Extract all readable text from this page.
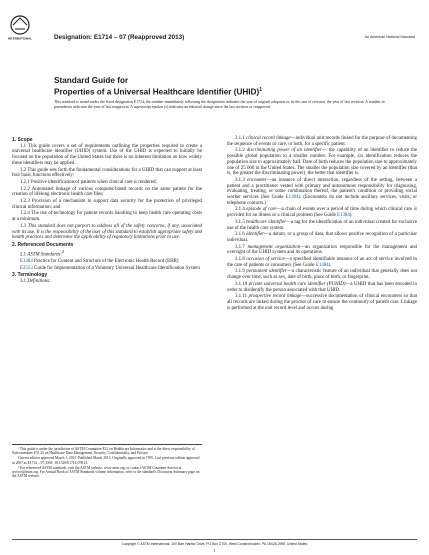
INTERNATIONAL	Designation: E1714 – 07 (Reapproved 2013)	An American National Standard
Standard Guide for
Properties of a Universal Healthcare Identifier (UHID)$^1$
This standard is issued under the fixed designation E1714; the number immediately following the designation indicates the year of original adoption or, in the case of revision, the year of last revision. A number in parentheses indicates the year of last reapproval. A superscript epsilon (ε) indicates an editorial change since the last revision or reapproval.

1. Scope

1.1 This guide covers a set of requirements outlining the properties required to create a universal healthcare identifier (UHID) system. Use of the UHID is expected to initially be focused on the population of the United States but there is no inherent limitation on how widely these identifiers may be applied.

1.2 This guide sets forth the fundamental considerations for a UHID that can support at least four basic functions effectively:

1.2.1 Positive identification of patients when clinical care is rendered;

1.2.2 Automated linkage of various computer-based records on the same patient for the creation of lifelong electronic health care files;

1.2.3 Provision of a mechanism to support data security for the protection of privileged clinical information; and

1.2.4 The use of technology for patient records handling to keep health care operating costs at a minimum.

1.3 This standard does not purport to address all of the safety concerns, if any, associated with its use. It is the responsibility of the user of this standard to establish appropriate safety and health practices and determine the applicability of regulatory limitations prior to use.

2. Referenced Documents

2.1 ASTM Standards:$^2$

E1384 Practice for Content and Structure of the Electronic Health Record (EHR)

E2553 Guide for Implementation of a Voluntary Universal Healthcare Identification System

3. Terminology

3.1 Definitions:

¹ This guide is under the jurisdiction of ASTM Committee E31 on Healthcare Informatics and is the direct responsibility of Subcommittee E31.25 on Healthcare Data Management, Security, Confidentiality, and Privacy.

Current edition approved March 1, 2013. Published March 2013. Originally approved in 1995. Last previous edition approved in 2007 as E1714 – 07. DOI: 10.1520/E1714-07R13.

² For referenced ASTM standards, visit the ASTM website, www.astm.org, or contact ASTM Customer Service at service@astm.org. For Annual Book of ASTM Standards volume information, refer to the standard's Document Summary page on the ASTM website.

3.1.1 clinical record linkage—individual unit records linked for the purpose of documenting the sequence of events or care, or both, for a specific patient.

3.1.2 discriminating power of an identifier— the capability of an identifier to reduce the possible global population to a smaller number. For example, six identification reduces the population size to approximately half. Date of birth reduces the population size to approximately one of 25 000 in the United States. The smaller the population size covered by an identifier (that is, the greater the discriminating power), the better that identifier is.

3.1.3 encounter—an instance of direct interaction, regardless of the setting, between a patient and a practitioner vested with primary and autonomous responsibility for diagnosing, evaluating, treating, or some combination thereof, the patient's condition or providing social worker services (See Guide E1384). (Encounters do not include ancillary services, visits, or telephone contacts.)

3.1.4 episode of care—a chain of events over a period of time during which clinical care is provided for an illness or a clinical problem (See Guide E1384).

3.1.5 healthcare identifier—a tag for the identification of an individual created for exclusive use of the health care system.

3.1.6 identifier—a datum, or a group of data, that allows positive recognition of a particular individual.

3.1.7 management organization—an organization responsible for the management and oversight of the UHID system and its operations.

3.1.8 occasion of service—a specified identifiable instance of an act of service involved in the care of patients or consumers (See Guide E1384).

3.1.9 permanent identifier—a characteristic feature of an individual that generally does not change over time, such as sex, date of birth, place of birth, or fingerprint.

3.1.10 private universal health care identifier (PUHID)—a UHID that has been encoded in order to disidentify the person associated with that UHID.

3.1.11 prospective record linkage—successive documentation of clinical encounters so that all records are linked during the process of care to ensure the continuity of patient care. Linkage is performed at the unit record level and occurs during

Copyright © ASTM International, 100 Barr Harbor Drive, PO Box C700, West Conshohocken, PA 19428-2959. United States
1
